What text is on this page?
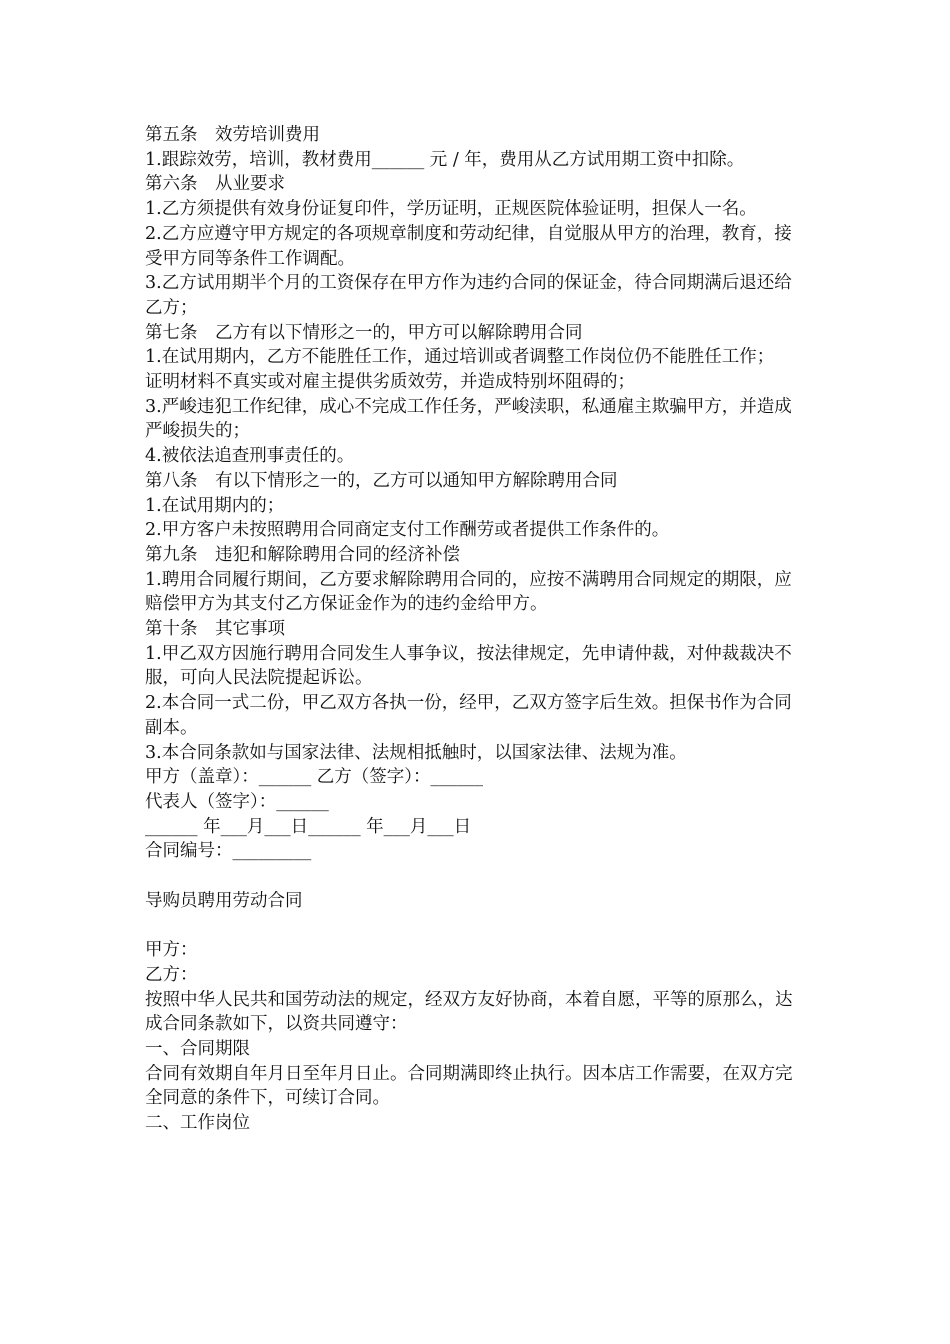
第五条　效劳培训费用

1.跟踪效劳，培训，教材费用______ 元 / 年，费用从乙方试用期工资中扣除。

第六条　从业要求

1.乙方须提供有效身份证复印件，学历证明，正规医院体验证明，担保人一名。

2.乙方应遵守甲方规定的各项规章制度和劳动纪律，自觉服从甲方的治理，教育，接受甲方同等条件工作调配。

3.乙方试用期半个月的工资保存在甲方作为违约合同的保证金，待合同期满后退还给乙方；

第七条　乙方有以下情形之一的，甲方可以解除聘用合同

1.在试用期内，乙方不能胜任工作，通过培训或者调整工作岗位仍不能胜任工作；

证明材料不真实或对雇主提供劣质效劳，并造成特别坏阻碍的；

3.严峻违犯工作纪律，成心不完成工作任务，严峻渎职，私通雇主欺骗甲方，并造成严峻损失的；

4.被依法追查刑事责任的。

第八条　有以下情形之一的，乙方可以通知甲方解除聘用合同

1.在试用期内的；

2.甲方客户未按照聘用合同商定支付工作酬劳或者提供工作条件的。

第九条　违犯和解除聘用合同的经济补偿

1.聘用合同履行期间，乙方要求解除聘用合同的，应按不满聘用合同规定的期限，应赔偿甲方为其支付乙方保证金作为的违约金给甲方。

第十条　其它事项

1.甲乙双方因施行聘用合同发生人事争议，按法律规定，先申请仲裁，对仲裁裁决不服，可向人民法院提起诉讼。

2.本合同一式二份，甲乙双方各执一份，经甲，乙双方签字后生效。担保书作为合同副本。

3.本合同条款如与国家法律、法规相抵触时，以国家法律、法规为准。

甲方（盖章）：______ 乙方（签字）：______

代表人（签字）：______

______ 年___月___日______ 年___月___日

合同编号：_________

导购员聘用劳动合同

甲方：

乙方：

按照中华人民共和国劳动法的规定，经双方友好协商，本着自愿，平等的原那么，达成合同条款如下，以资共同遵守：

一、合同期限

合同有效期自年月日至年月日止。合同期满即终止执行。因本店工作需要，在双方完全同意的条件下，可续订合同。

二、工作岗位
